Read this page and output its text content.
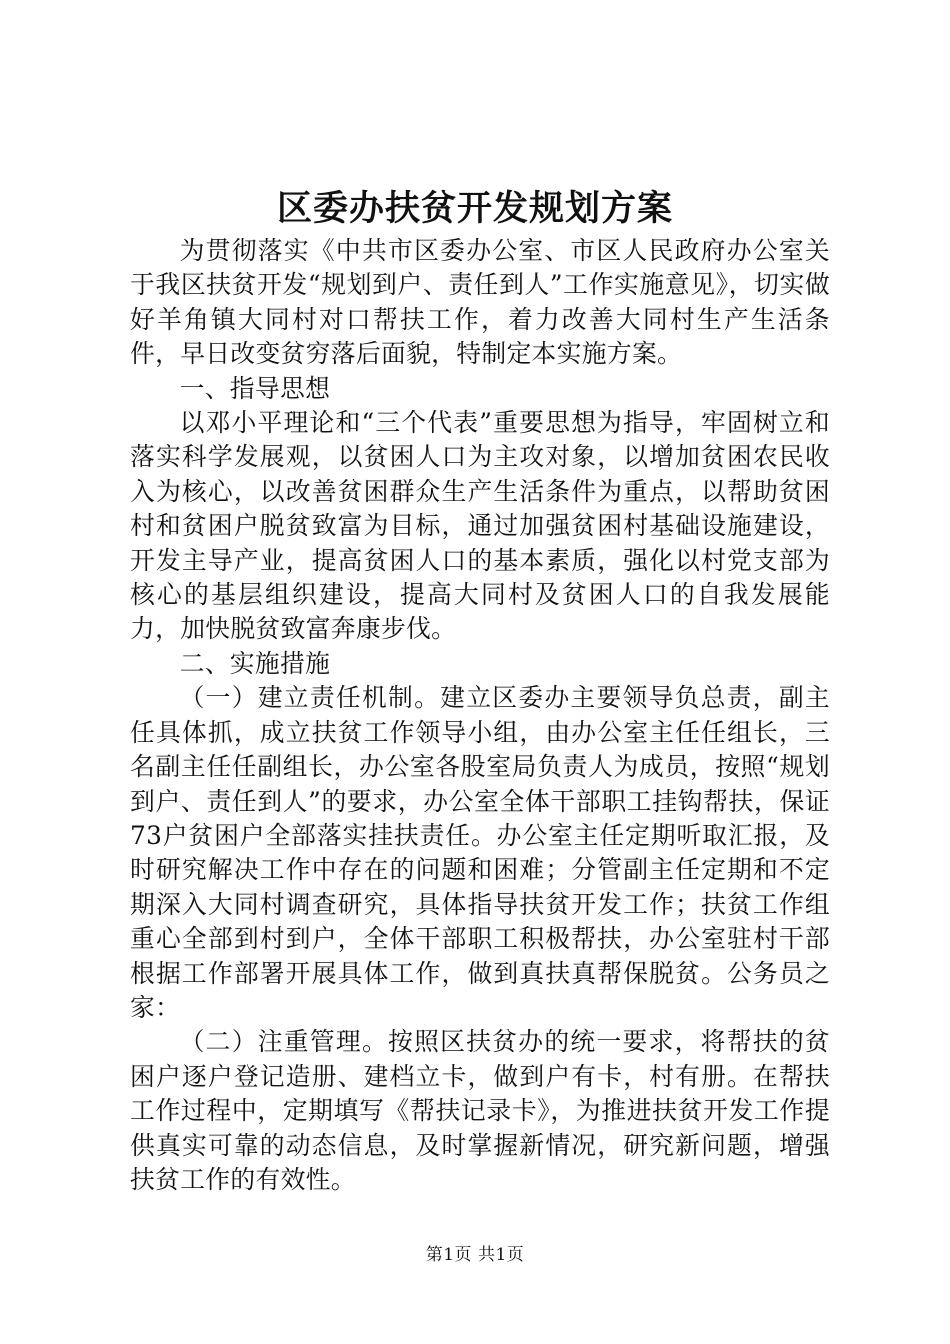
区委办扶贫开发规划方案

为贯彻落实《中共市区委办公室、市区人民政府办公室关于我区扶贫开发“规划到户、责任到人”工作实施意见》，切实做好羊角镇大同村对口帮扶工作，着力改善大同村生产生活条件，早日改变贫穷落后面貌，特制定本实施方案。

一、指导思想

以邓小平理论和“三个代表”重要思想为指导，牢固树立和落实科学发展观，以贫困人口为主攻对象，以增加贫困农民收入为核心，以改善贫困群众生产生活条件为重点，以帮助贫困村和贫困户脱贫致富为目标，通过加强贫困村基础设施建设，开发主导产业，提高贫困人口的基本素质，强化以村党支部为核心的基层组织建设，提高大同村及贫困人口的自我发展能力，加快脱贫致富奔康步伐。

二、实施措施

（一）建立责任机制。建立区委办主要领导负总责，副主任具体抓，成立扶贫工作领导小组，由办公室主任任组长，三名副主任任副组长，办公室各股室局负责人为成员，按照“规划到户、责任到人”的要求，办公室全体干部职工挂钩帮扶，保证73户贫困户全部落实挂扶责任。办公室主任定期听取汇报，及时研究解决工作中存在的问题和困难；分管副主任定期和不定期深入大同村调查研究，具体指导扶贫开发工作；扶贫工作组重心全部到村到户，全体干部职工积极帮扶，办公室驻村干部根据工作部署开展具体工作，做到真扶真帮保脱贫。公务员之家：

（二）注重管理。按照区扶贫办的统一要求，将帮扶的贫困户逐户登记造册、建档立卡，做到户有卡，村有册。在帮扶工作过程中，定期填写《帮扶记录卡》，为推进扶贫开发工作提供真实可靠的动态信息，及时掌握新情况，研究新问题，增强扶贫工作的有效性。

第1页 共1页
